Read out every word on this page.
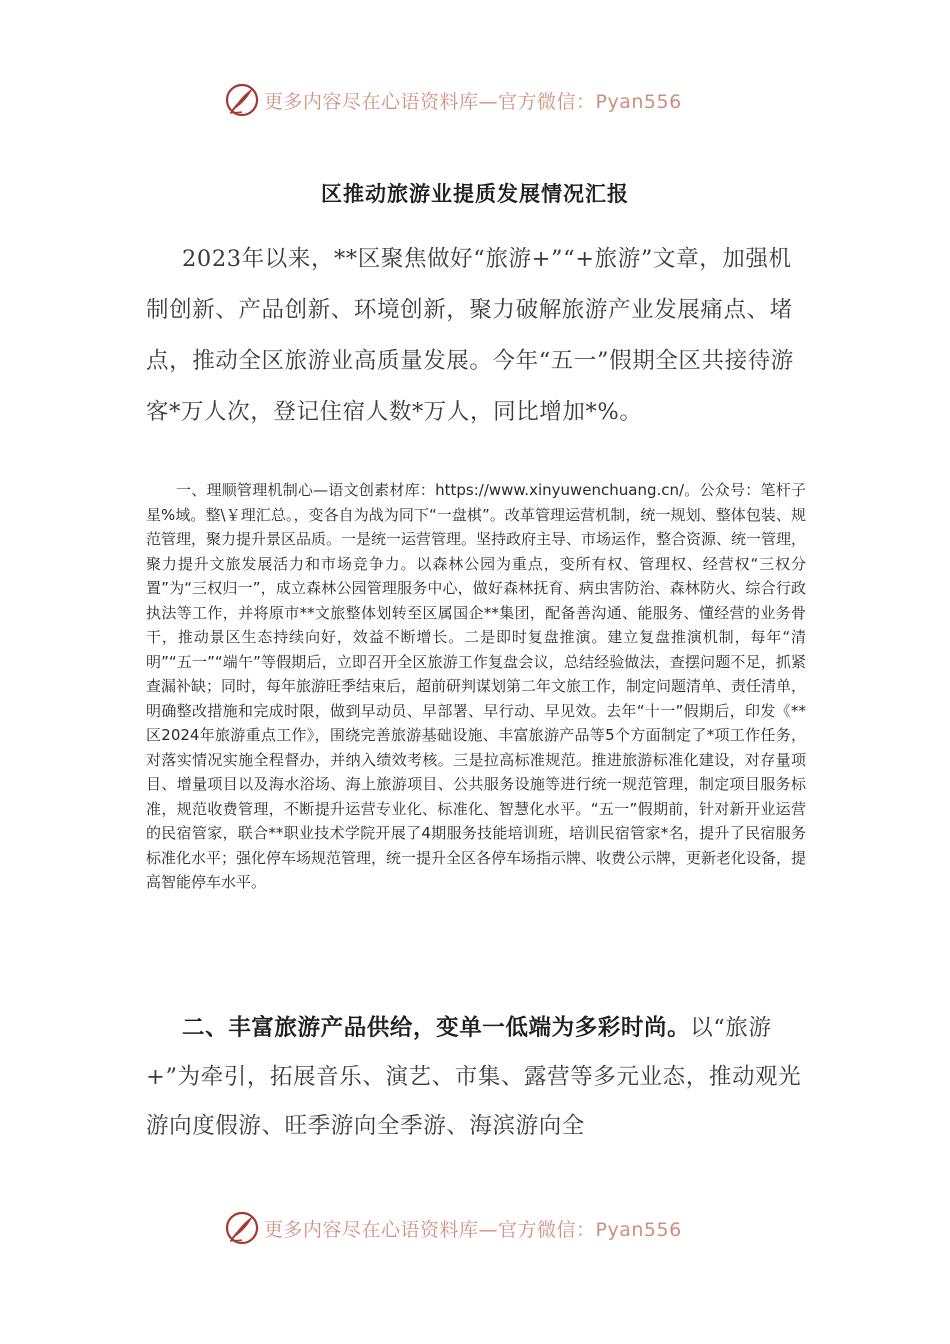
更多内容尽在心语资料库—官方微信：Pyan556
区推动旅游业提质发展情况汇报

2023年以来，**区聚焦做好“旅游+”“+旅游”文章，加强机制创新、产品创新、环境创新，聚力破解旅游产业发展痛点、堵点，推动全区旅游业高质量发展。今年“五一”假期全区共接待游客*万人次，登记住宿人数*万人，同比增加*%。

一、理顺管理机制心—语文创素材库：https://www.xinyuwenchuang.cn/。公众号：笔杆子星%域。整\￥理汇总。，变各自为战为同下“一盘棋”。改革管理运营机制，统一规划、整体包装、规范管理，聚力提升景区品质。一是统一运营管理。坚持政府主导、市场运作，整合资源、统一管理，聚力提升文旅发展活力和市场竞争力。以森林公园为重点，变所有权、管理权、经营权“三权分置”为“三权归一”，成立森林公园管理服务中心，做好森林抚育、病虫害防治、森林防火、综合行政执法等工作，并将原市**文旅整体划转至区属国企**集团，配备善沟通、能服务、懂经营的业务骨干，推动景区生态持续向好，效益不断增长。二是即时复盘推演。建立复盘推演机制，每年“清明”“五一”“端午”等假期后，立即召开全区旅游工作复盘会议，总结经验做法，查摆问题不足，抓紧查漏补缺；同时，每年旅游旺季结束后，超前研判谋划第二年文旅工作，制定问题清单、责任清单，明确整改措施和完成时限，做到早动员、早部署、早行动、早见效。去年“十一”假期后，印发《**区2024年旅游重点工作》，围绕完善旅游基础设施、丰富旅游产品等5个方面制定了*项工作任务，对落实情况实施全程督办，并纳入绩效考核。三是拉高标准规范。推进旅游标准化建设，对存量项目、增量项目以及海水浴场、海上旅游项目、公共服务设施等进行统一规范管理，制定项目服务标准，规范收费管理，不断提升运营专业化、标准化、智慧化水平。“五一”假期前，针对新开业运营的民宿管家，联合**职业技术学院开展了4期服务技能培训班，培训民宿管家*名，提升了民宿服务标准化水平；强化停车场规范管理，统一提升全区各停车场指示牌、收费公示牌，更新老化设备，提高智能停车水平。

二、丰富旅游产品供给，变单一低端为多彩时尚。以“旅游+”为牵引，拓展音乐、演艺、市集、露营等多元业态，推动观光游向度假游、旺季游向全季游、海滨游向全

更多内容尽在心语资料库—官方微信：Pyan556
